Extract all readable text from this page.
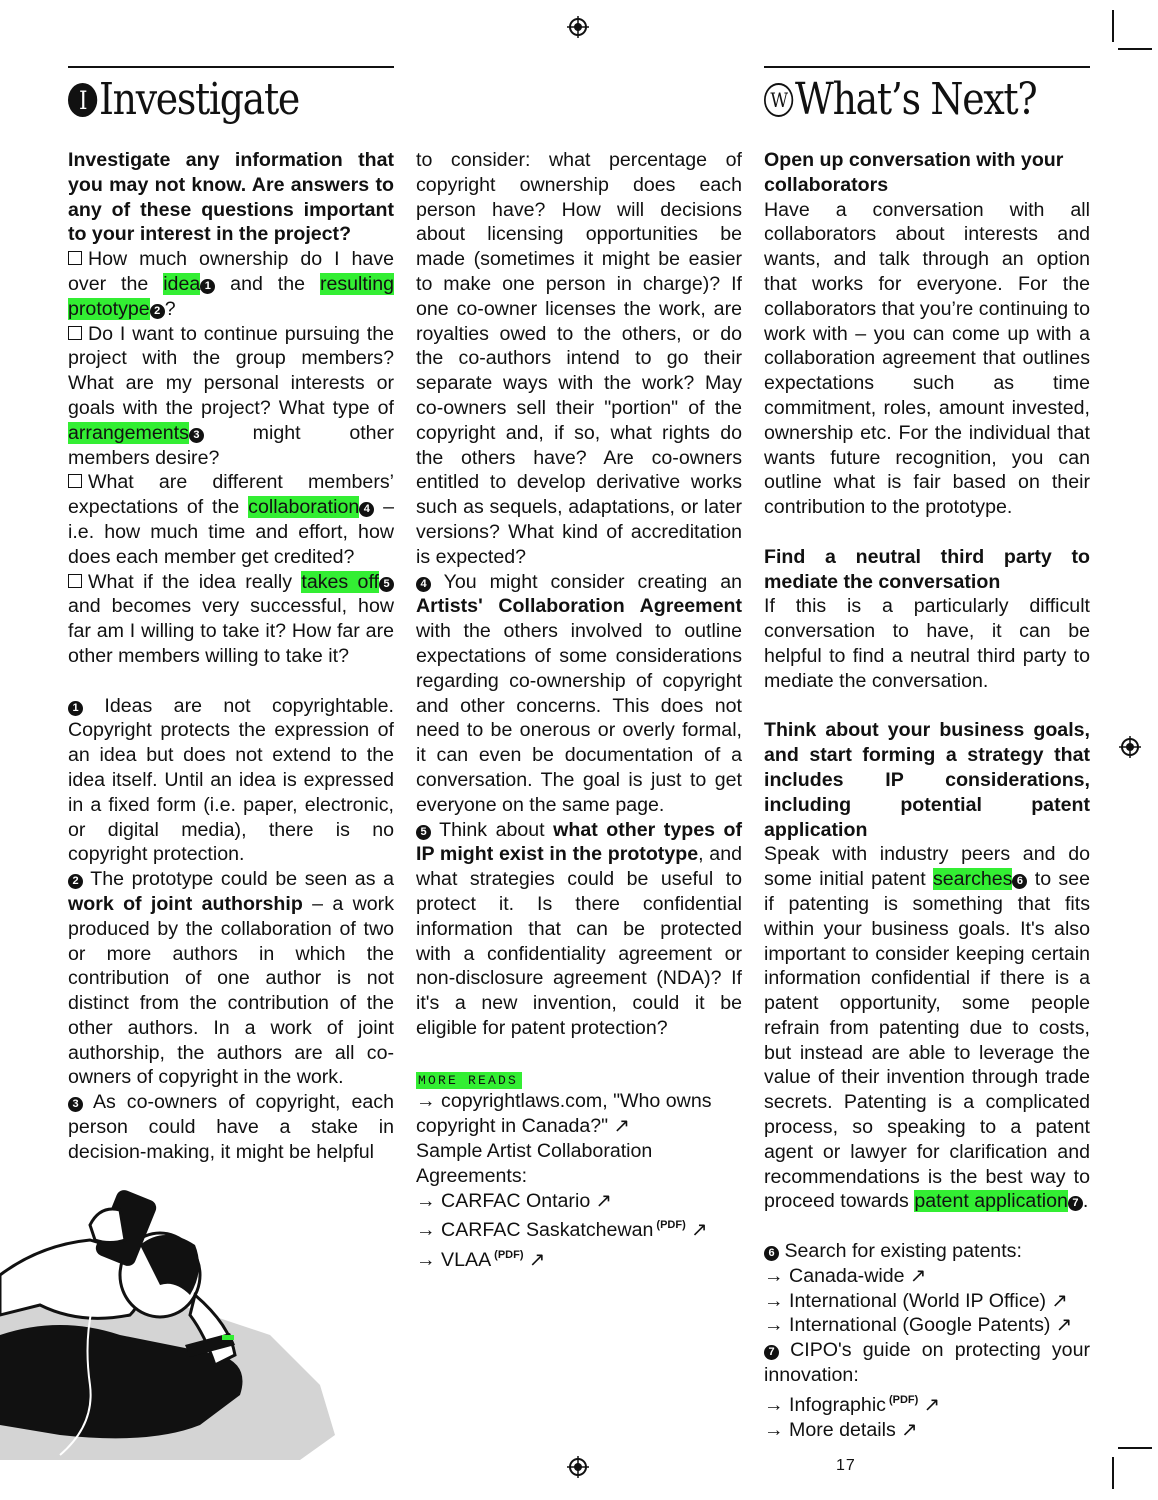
I Investigate	W What’s Next?

Investigate any information that you may not know. Are answers to any of these questions important to your interest in the project?

How much ownership do I have over the idea 1 and the resulting prototype 2 ?

Do I want to continue pursuing the project with the group members? What are my personal interests or goals with the project? What type of arrangements 3 might other members desire?

What are different members’ expectations of the collaboration 4 – i.e. how much time and effort, how does each member get credited?

What if the idea really takes off 5 and becomes very successful, how far am I willing to take it? How far are other members willing to take it?

1 Ideas are not copyrightable. Copyright protects the expression of an idea but does not extend to the idea itself. Until an idea is expressed in a fixed form (i.e. paper, electronic, or digital media), there is no copyright protection.

2 The prototype could be seen as a work of joint authorship – a work produced by the collaboration of two or more authors in which the contribution of one author is not distinct from the contribution of the other authors. In a work of joint authorship, the authors are all co-owners of copyright in the work.

3 As co-owners of copyright, each person could have a stake in decision-making, it might be helpful

to consider: what percentage of copyright ownership does each person have? How will decisions about licensing opportunities be made (sometimes it might be easier to make one person in charge)? If one co-owner licenses the work, are royalties owed to the others, or do the co-authors intend to go their separate ways with the work? May co-owners sell their "portion" of the copyright and, if so, what rights do the others have? Are co-owners entitled to develop derivative works such as sequels, adaptations, or later versions? What kind of accreditation is expected?

4 You might consider creating an Artists' Collaboration Agreement with the others involved to outline expectations of some considerations regarding co-ownership of copyright and other concerns. This does not need to be onerous or overly formal, it can even be documentation of a conversation. The goal is just to get everyone on the same page.

5 Think about what other types of IP might exist in the prototype, and what strategies could be useful to protect it. Is there confidential information that can be protected with a confidentiality agreement or non-disclosure agreement (NDA)? If it's a new invention, could it be eligible for patent protection?

MORE READS

→ copyrightlaws.com, "Who owns copyright in Canada?" ↗

Sample Artist Collaboration Agreements:

→ CARFAC Ontario ↗

→ CARFAC Saskatchewan $^{(PDF)}$ ↗

→ VLAA $^{(PDF)}$ ↗

Open up conversation with your collaborators

Have a conversation with all collaborators about interests and wants, and talk through an option that works for everyone. For the collaborators that you’re continuing to work with – you can come up with a collaboration agreement that outlines expectations such as time commitment, roles, amount invested, ownership etc. For the individual that wants future recognition, you can outline what is fair based on their contribution to the prototype.

Find a neutral third party to mediate the conversation

If this is a particularly difficult conversation to have, it can be helpful to find a neutral third party to mediate the conversation.

Think about your business goals, and start forming a strategy that includes IP considerations, including potential patent application

Speak with industry peers and do some initial patent searches 6 to see if patenting is something that fits within your business goals. It's also important to consider keeping certain information confidential if there is a patent opportunity, some people refrain from patenting due to costs, but instead are able to leverage the value of their invention through trade secrets. Patenting is a complicated process, so speaking to a patent agent or lawyer for clarification and recommendations is the best way to proceed towards patent application 7 .

6 Search for existing patents:

→ Canada-wide ↗

→ International (World IP Office) ↗

→ International (Google Patents) ↗

7 CIPO's guide on protecting your innovation:

→ Infographic $^{(PDF)}$ ↗

→ More details ↗

17
